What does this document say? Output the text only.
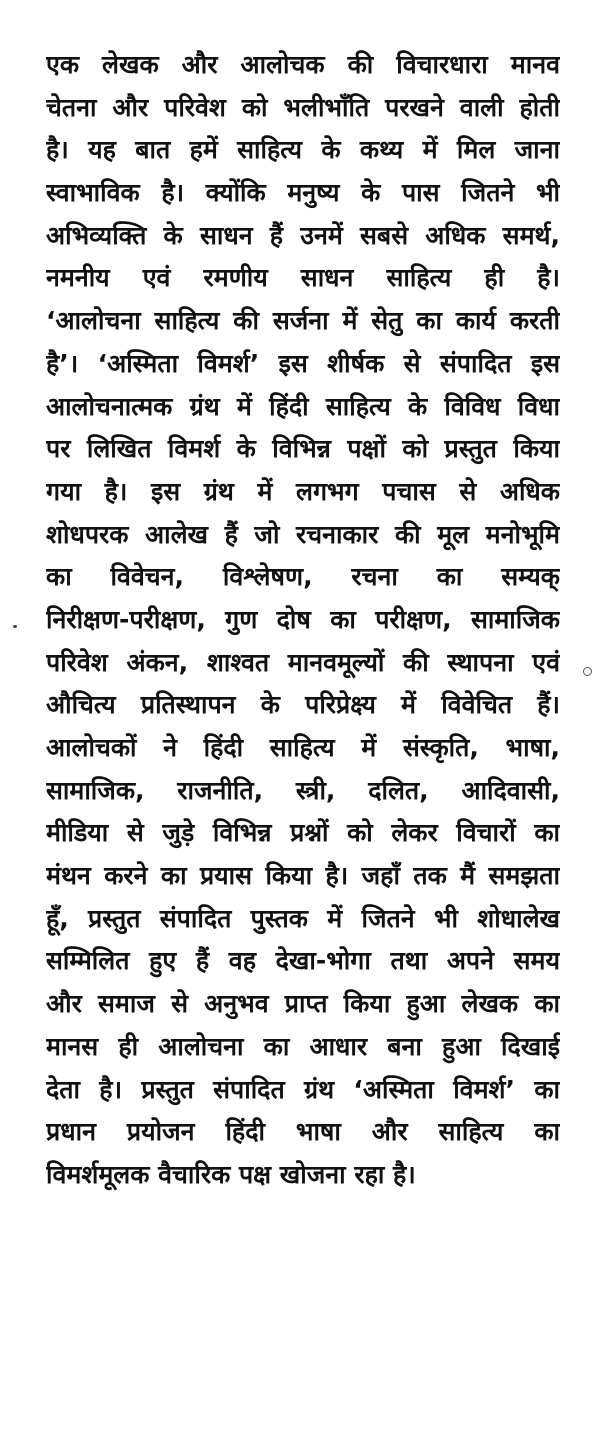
एक लेखक और आलोचक की विचारधारा मानव
चेतना और परिवेश को भलीभाँति परखने वाली होती
है। यह बात हमें साहित्य के कथ्य में मिल जाना
स्वाभाविक है। क्योंकि मनुष्य के पास जितने भी
अभिव्यक्ति के साधन हैं उनमें सबसे अधिक समर्थ,
नमनीय एवं रमणीय साधन साहित्य ही है।
‘आलोचना साहित्य की सर्जना में सेतु का कार्य करती
है’। ‘अस्मिता विमर्श’ इस शीर्षक से संपादित इस
आलोचनात्मक ग्रंथ में हिंदी साहित्य के विविध विधा
पर लिखित विमर्श के विभिन्न पक्षों को प्रस्तुत किया
गया है। इस ग्रंथ में लगभग पचास से अधिक
शोधपरक आलेख हैं जो रचनाकार की मूल मनोभूमि
का विवेचन, विश्लेषण, रचना का सम्यक्
निरीक्षण-परीक्षण, गुण दोष का परीक्षण, सामाजिक
परिवेश अंकन, शाश्वत मानवमूल्यों की स्थापना एवं
औचित्य प्रतिस्थापन के परिप्रेक्ष्य में विवेचित हैं।
आलोचकों ने हिंदी साहित्य में संस्कृति, भाषा,
सामाजिक, राजनीति, स्त्री, दलित, आदिवासी,
मीडिया से जुड़े विभिन्न प्रश्नों को लेकर विचारों का
मंथन करने का प्रयास किया है। जहाँ तक मैं समझता
हूँ, प्रस्तुत संपादित पुस्तक में जितने भी शोधालेख
सम्मिलित हुए हैं वह देखा-भोगा तथा अपने समय
और समाज से अनुभव प्राप्त किया हुआ लेखक का
मानस ही आलोचना का आधार बना हुआ दिखाई
देता है। प्रस्तुत संपादित ग्रंथ ‘अस्मिता विमर्श’ का
प्रधान प्रयोजन हिंदी भाषा और साहित्य का
विमर्शमूलक वैचारिक पक्ष खोजना रहा है।
